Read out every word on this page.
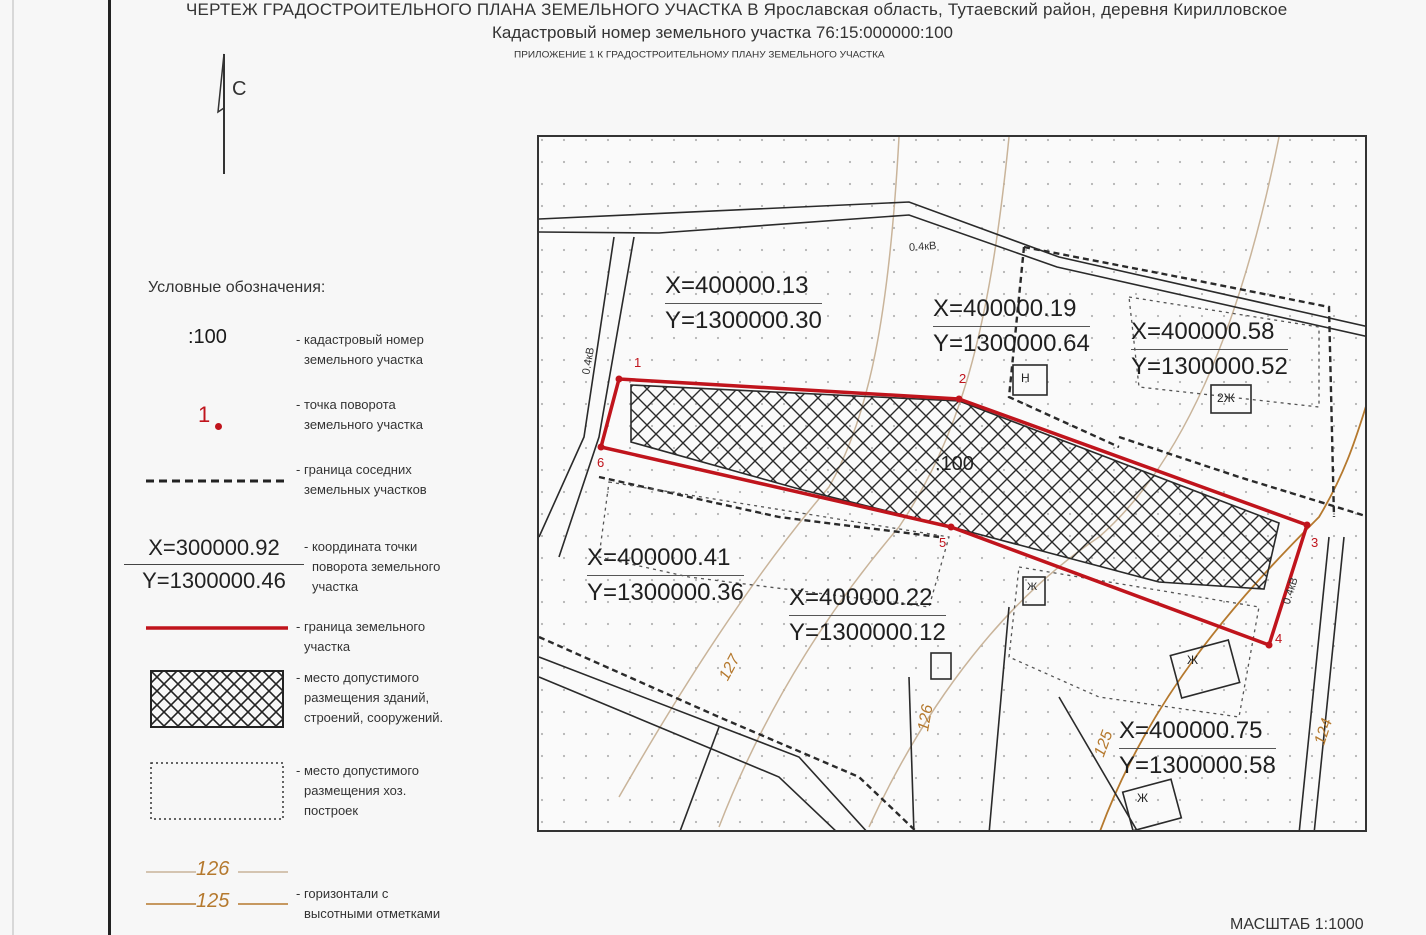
ЧЕРТЕЖ ГРАДОСТРОИТЕЛЬНОГО ПЛАНА ЗЕМЕЛЬНОГО УЧАСТКА В Ярославская область, Тутаевский район, деревня Кирилловское
Кадастровый номер земельного участка 76:15:000000:100
ПРИЛОЖЕНИЕ 1 К ГРАДОСТРОИТЕЛЬНОМУ ПЛАНУ ЗЕМЕЛЬНОГО УЧАСТКА
С
Условные обозначения:
:100	- кадастровый номер
земельного участка
1	- точка поворота
земельного участка
- граница соседних
земельных участков
X=300000.92
Y=1300000.46
- координата точки
поворота земельного
участка
- граница земельного
участка
- место допустимого
размещения зданий,
строений, сооружений.
- место допустимого
размещения хоз.
построек
126
125	- горизонтали с
высотными отметками
1
2
3
4
5
6	:100
X=400000.13
Y=1300000.30	X=400000.19
Y=1300000.64 X=400000.58
Y=1300000.52
X=400000.41
Y=1300000.36 X=400000.22
Y=1300000.12
X=400000.75
Y=1300000.58
127
126
125	124
Н
2Ж
Ж
Ж
Ж
0.4кВ
0.4кВ
0.4кВ
МАСШТАБ 1:1000
